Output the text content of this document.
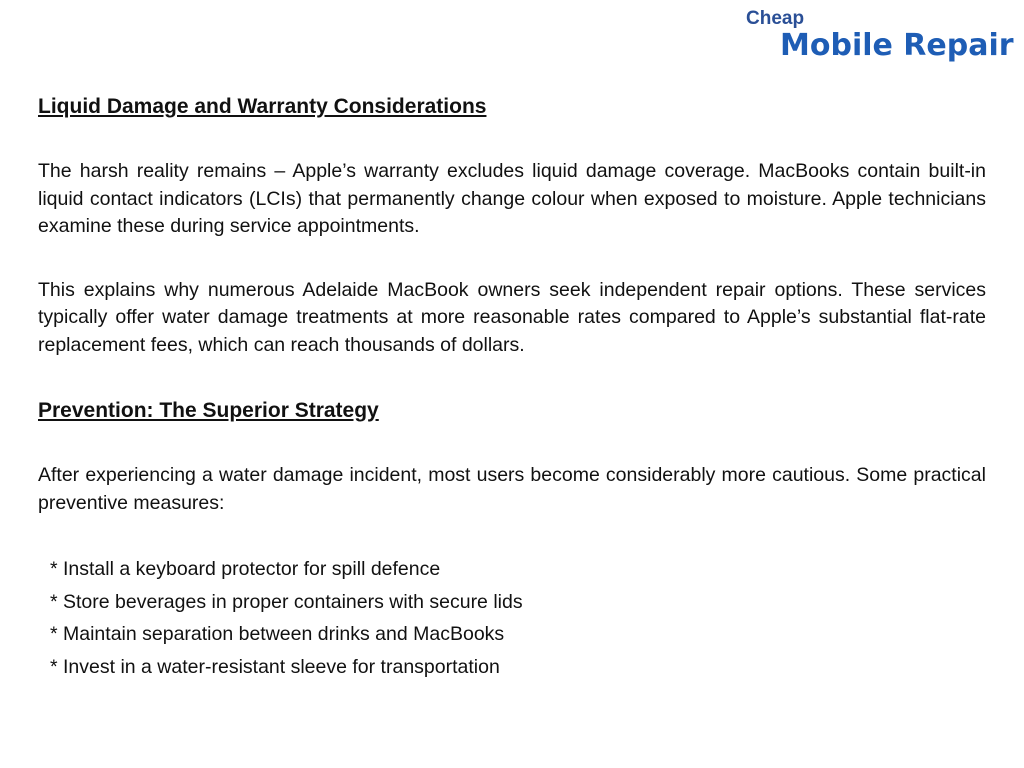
Cheap
Mobile Repair
Liquid Damage and Warranty Considerations

The harsh reality remains – Apple’s warranty excludes liquid damage coverage. MacBooks contain built-in liquid contact indicators (LCIs) that permanently change colour when exposed to moisture. Apple technicians examine these during service appointments.

This explains why numerous Adelaide MacBook owners seek independent repair options. These services typically offer water damage treatments at more reasonable rates compared to Apple’s substantial flat-rate replacement fees, which can reach thousands of dollars.

Prevention: The Superior Strategy

After experiencing a water damage incident, most users become considerably more cautious. Some practical preventive measures:

* Install a keyboard protector for spill defence
* Store beverages in proper containers with secure lids
* Maintain separation between drinks and MacBooks
* Invest in a water-resistant sleeve for transportation
